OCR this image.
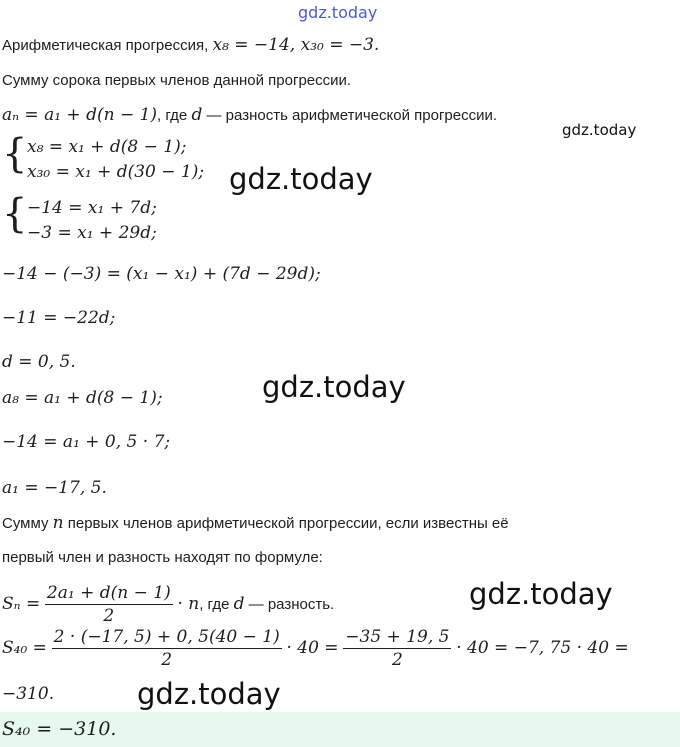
gdz.today
gdz.today
gdz.today
gdz.today
gdz.today
gdz.today
Арифметическая прогрессия, x₈ = −14, x₃₀ = −3.
Сумму сорока первых членов данной прогрессии.
aₙ = a₁ + d(n − 1), где d — разность арифметической прогрессии.
{ x₈ = x₁ + d(8 − 1);
x₃₀ = x₁ + d(30 − 1);
{ −14 = x₁ + 7d;
−3 = x₁ + 29d;
−14 − (−3) = (x₁ − x₁) + (7d − 29d);
−11 = −22d;
d = 0, 5.
a₈ = a₁ + d(8 − 1);
−14 = a₁ + 0, 5 · 7;
a₁ = −17, 5.
Сумму n первых членов арифметической прогрессии, если известны её
первый член и разность находят по формуле:
$S_n = \frac{\text{2a₁ + d(n − 1)}}{2} \cdot n$, где d — разность.
$S_{40} = \frac{2 \cdot (-17, 5) + 0, 5(40 - 1)}{2} \cdot 40 = \frac{-35 + 19, 5}{2} \cdot 40 = -7$, 75 · 40 =
−310.
S₄₀ = −310.
